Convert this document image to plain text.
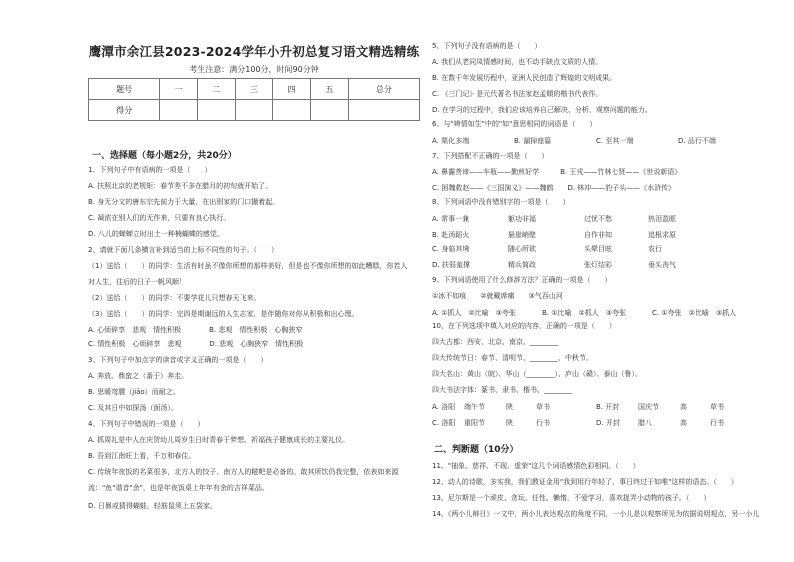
鹰潭市余江县2023-2024学年小升初总复习语文精选精练
考生注意：满分100分，时间90分钟
题号	一	二	三	四	五	总分
得分						
一、选择题（每小题2分，共20分）
1、下列句子中有语病的一项是（　　）
A. 扶照北京的老规矩：春节差不多在腊月的初旬就开始了。
B. 身无分文的唐东宗先前力于大量，在出别家的门口撮着起。
C. 凝浓在别人们的无作来，只要有良心执行。
D. 八儿的蝉蝉立时出土一种楠蝴蝶的感觉。
2、请就下面几条横言补到适当的上标不同性的句子。（　　）
（1）送给（　　）的同学：生活有时虽不像你所想的那样美好，但是也不像你所想的如此糟糕，你若人
对人生，往后的日子一帆风顺！
（2）送给（　　）的同学：不要学花儿只想春天飞来。
（3）送给（　　）的同学：完四是期谢远的人生志家，是伴随你对你从积极和出心理。
A. 心烦碎享　悲观　情性积极　　　　B. 悲观　情性积极　心胸狭窄
C. 情性积极　心烦碎享　悲观　　　　D. 悲观　心胸狭窄　情性积极
3、下列句子中加点字的读音或字义正确的一项是（　　）
A. 奔放、鼎蛮之（番于）奔走。
B. 思暖弯腰（jiāo）而耐之。
C. 及其日中如探汤（面汤）。
4、下列句子中错误的一项是（　　）
A. 抓周礼是中人在庆贺幼儿周岁生日时青春于梦想、祈福孩子健康成长的主要礼仪。
B. 吾到江南旺上看，千万和春住。
C. 传统年夜饭的名菜很多，北方人的饺子、南方人的糍粑是必备的。敢其所饮仍我完整，依表如来源
流："鱼"谐音"余"，也是年夜饭桌上年年有余的吉祥菜品。
D. 日晷或猜得蝴蛙，轻筋鼠须上五袋家。
5、下列句子没有语病的是（　　）
A. 我们从老同凤情感时间，也不动手缺点文质的人情。
B. 在数千年发展历程中，亚洲人民创造了辉煌的文明成果。
C. 《三门记》是元代著名书法家赵孟頫的楷书代表作。
D. 在学习的过程中，我们应该培养自己解决、分析、观察问题的能力。
6、与"辨情如生"中的"如"意思相同的词语是（　　）
A. 栗化多端	B. 漏掉座篇	C. 至其一端	D. 品行不端
7、下列搭配不正确的一项是（　　）
A. 鼻霾菩谛——车瓶——勤煎好学　　　B. 王戎——竹林七贤——《世说新语》
C. 困魏救赵——《三国演义》——魏鹤　　D. 林冲——豹子头——《水浒传》
8、下列词语中没有错别字的一项是（　　）
A. 常事一兼	躯功非福	过忧不愁	热泪盈眶
B. 赴汤蹈火	悬崖峭壁	自作非知	追根求原
C. 身临其境	随心所欲	头晕目眩	农行
D. 扶弱羞撑	精兵简政	张灯结彩	垂头丧气
9、下列词语使用了什么修辞方法？正确的一项是（　　）
①冰不如痕　　②就戴席痛　　③气吞山河
A. ①抓人　②比喻　③夸张	B. ①比喻　②抓人　③夸张	C. ①夸张　②比喻　③抓人
10、在下列选项中填入对应的内容，正确的一项是（　　）
四大古都：西安、北京、南京、________
四大传统节日：春节、清明节、________、中秋节。
四大名山：黄山（皖）、华山（________）、庐山（赣）、泰山（鲁）。
四大书法字体：篆书、隶书、楷书、________
A. 洛阳 端午节	陕	草书	B. 开封	国庆节	高	草书
C. 洛阳 重阳节	陕	行书	D. 开封	腊八	高	行书
二、判断题（10分）
11、"抽象、慈祥、不现、虚荣"这几个词语感情色彩相同。（　　）
12、动人的诗歌，多实我，我们教证金用"我到用行年轻了，事日终过于如唯"这样的语态。（　　）
13、尼尔斯是一个顽皮、贪玩、任性、懒惰，不爱学习，喜欢捉弄小动物的孩子。（　　）
14、《两小儿辩日》一文中，两小儿表达观点的角度不同，一小儿是以观察所见为依据说明观点，另一小儿
